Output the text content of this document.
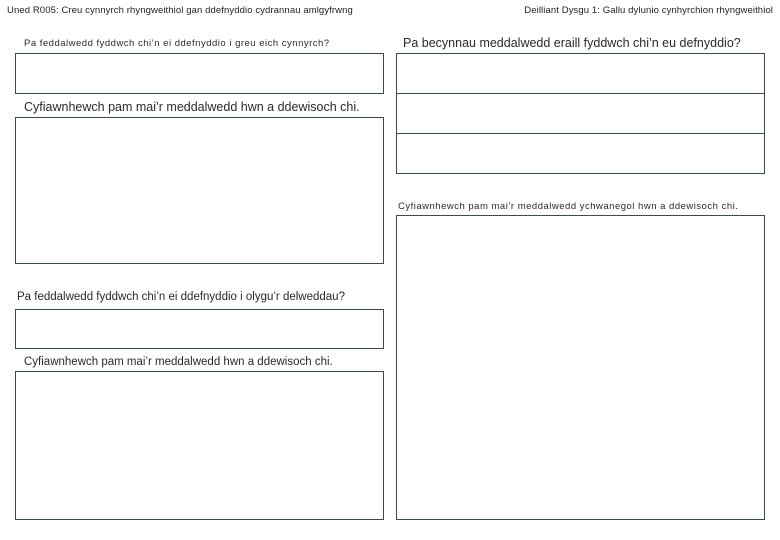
Uned R005: Creu cynnyrch rhyngweithiol gan ddefnyddio cydrannau amlgyfrwng	Deilliant Dysgu 1: Gallu dylunio cynhyrchion rhyngweithiol
Pa feddalwedd fyddwch chi’n ei ddefnyddio i greu eich cynnyrch?
Cyfiawnhewch pam mai’r meddalwedd hwn a ddewisoch chi.
Pa feddalwedd fyddwch chi’n ei ddefnyddio i olygu’r delweddau?
Cyfiawnhewch pam mai’r meddalwedd hwn a ddewisoch chi.
Pa becynnau meddalwedd eraill fyddwch chi’n eu defnyddio?
Cyfiawnhewch pam mai’r meddalwedd ychwanegol hwn a ddewisoch chi.
